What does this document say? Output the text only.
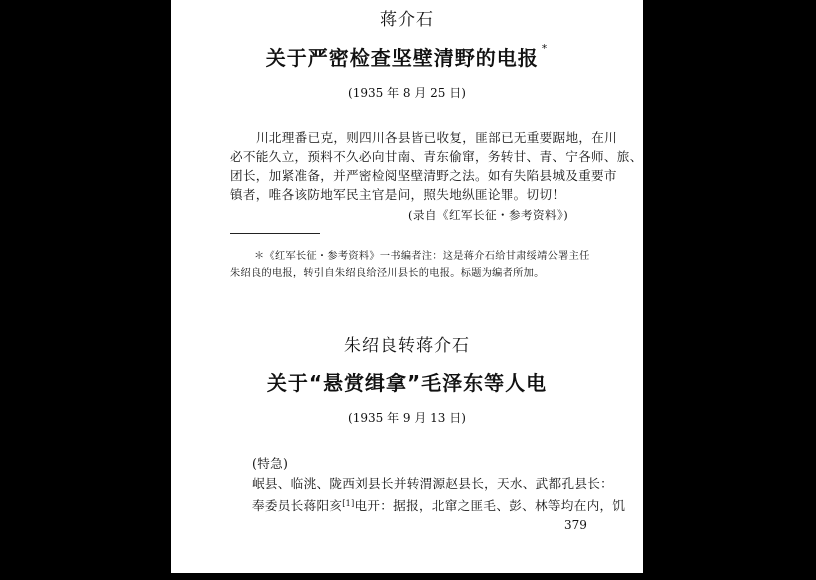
蒋介石
关于严密检查坚壁清野的电报 *
(1935 年 8 月 25 日)
川北理番已克，则四川各县皆已收复，匪部已无重要踞地，在川
必不能久立，预料不久必向甘南、青东偷窜，务转甘、青、宁各师、旅、
团长，加紧准备，并严密检阅坚壁清野之法。如有失陷县城及重要市
镇者，唯各该防地军民主官是问，照失地纵匪论罪。切切！
(录自《红军长征・参考资料》)
＊《红军长征・参考资料》一书编者注：这是蒋介石给甘肃绥靖公署主任
朱绍良的电报，转引自朱绍良给泾川县长的电报。标题为编者所加。
朱绍良转蒋介石
关于“悬赏缉拿”毛泽东等人电
(1935 年 9 月 13 日)
(特急)
岷县、临洮、陇西刘县长并转渭源赵县长，天水、武都孔县长：
奉委员长蒋阳亥[1]电开：据报，北窜之匪毛、彭、林等均在内，饥
379
